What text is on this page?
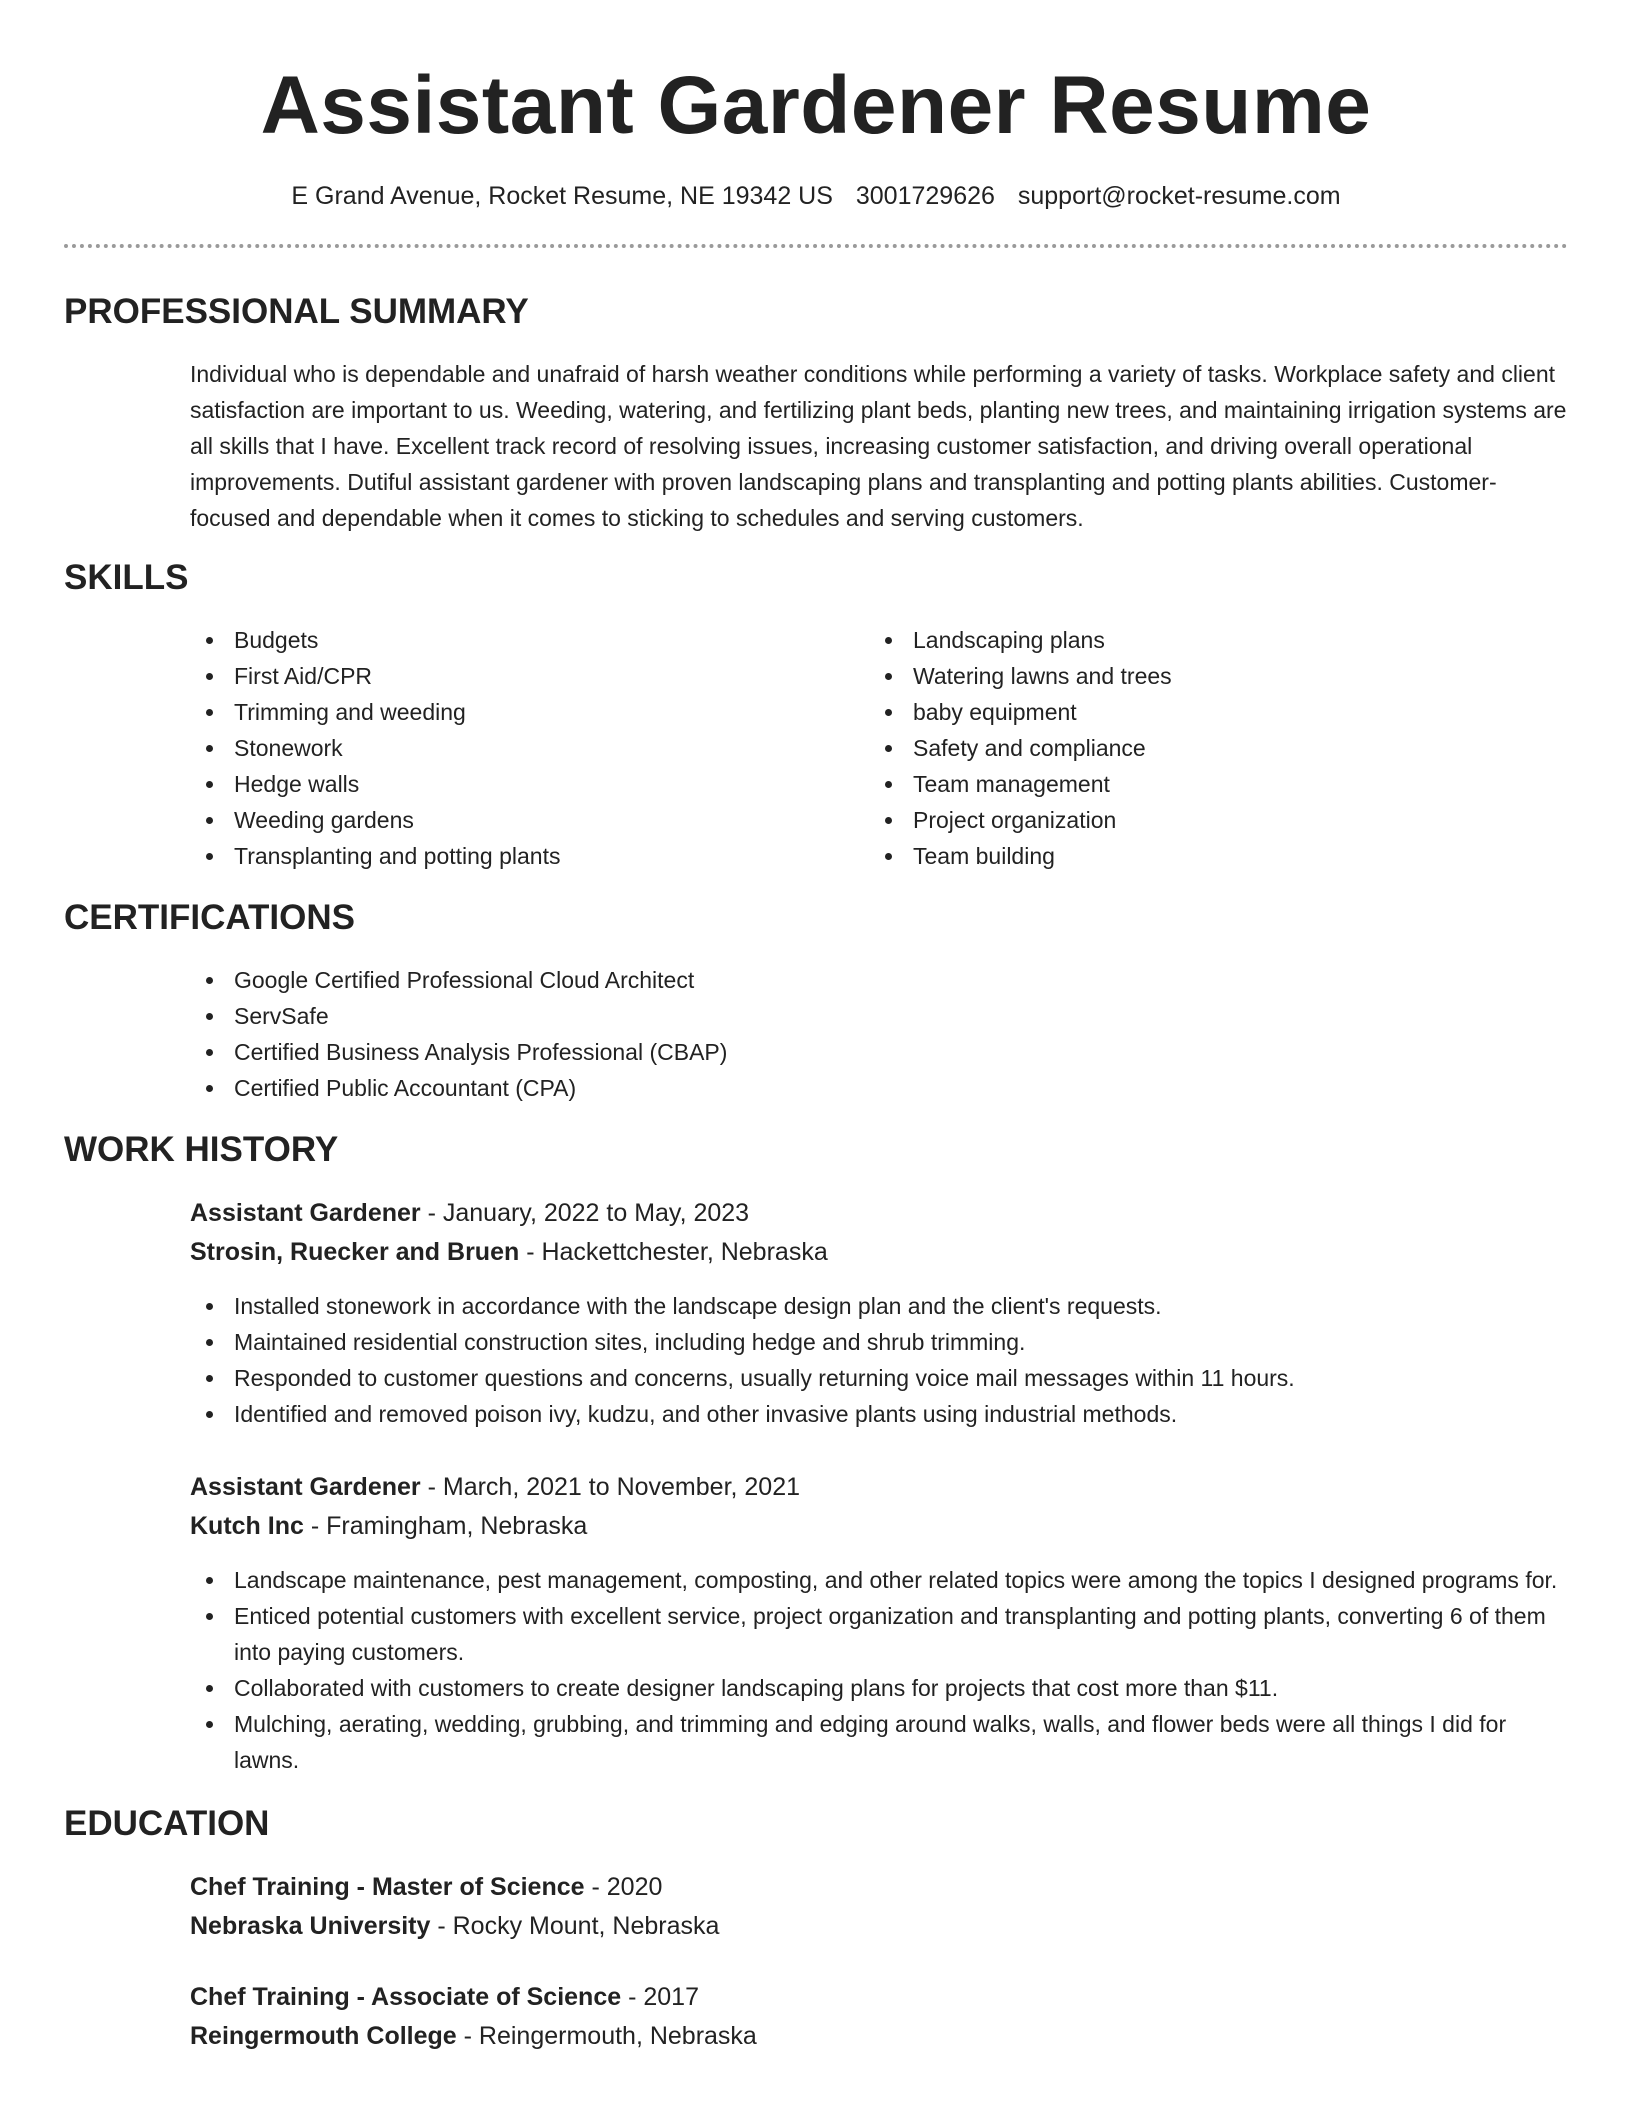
Assistant Gardener Resume
E Grand Avenue, Rocket Resume, NE 19342 US 3001729626 support@rocket-resume.com
PROFESSIONAL SUMMARY

Individual who is dependable and unafraid of harsh weather conditions while performing a variety of tasks. Workplace safety and client satisfaction are important to us. Weeding, watering, and fertilizing plant beds, planting new trees, and maintaining irrigation systems are all skills that I have. Excellent track record of resolving issues, increasing customer satisfaction, and driving overall operational improvements. Dutiful assistant gardener with proven landscaping plans and transplanting and potting plants abilities. Customer-focused and dependable when it comes to sticking to schedules and serving customers.

SKILLS
Budgets
First Aid/CPR
Trimming and weeding
Stonework
Hedge walls
Weeding gardens
Transplanting and potting plants
Landscaping plans
Watering lawns and trees
baby equipment
Safety and compliance
Team management
Project organization
Team building
CERTIFICATIONS
Google Certified Professional Cloud Architect
ServSafe
Certified Business Analysis Professional (CBAP)
Certified Public Accountant (CPA)
WORK HISTORY
Assistant Gardener - January, 2022 to May, 2023
Strosin, Ruecker and Bruen - Hackettchester, Nebraska
Installed stonework in accordance with the landscape design plan and the client's requests.
Maintained residential construction sites, including hedge and shrub trimming.
Responded to customer questions and concerns, usually returning voice mail messages within 11 hours.
Identified and removed poison ivy, kudzu, and other invasive plants using industrial methods.
Assistant Gardener - March, 2021 to November, 2021
Kutch Inc - Framingham, Nebraska
Landscape maintenance, pest management, composting, and other related topics were among the topics I designed programs for.
Enticed potential customers with excellent service, project organization and transplanting and potting plants, converting 6 of them into paying customers.
Collaborated with customers to create designer landscaping plans for projects that cost more than $11.
Mulching, aerating, wedding, grubbing, and trimming and edging around walks, walls, and flower beds were all things I did for lawns.
EDUCATION
Chef Training - Master of Science - 2020
Nebraska University - Rocky Mount, Nebraska
Chef Training - Associate of Science - 2017
Reingermouth College - Reingermouth, Nebraska
